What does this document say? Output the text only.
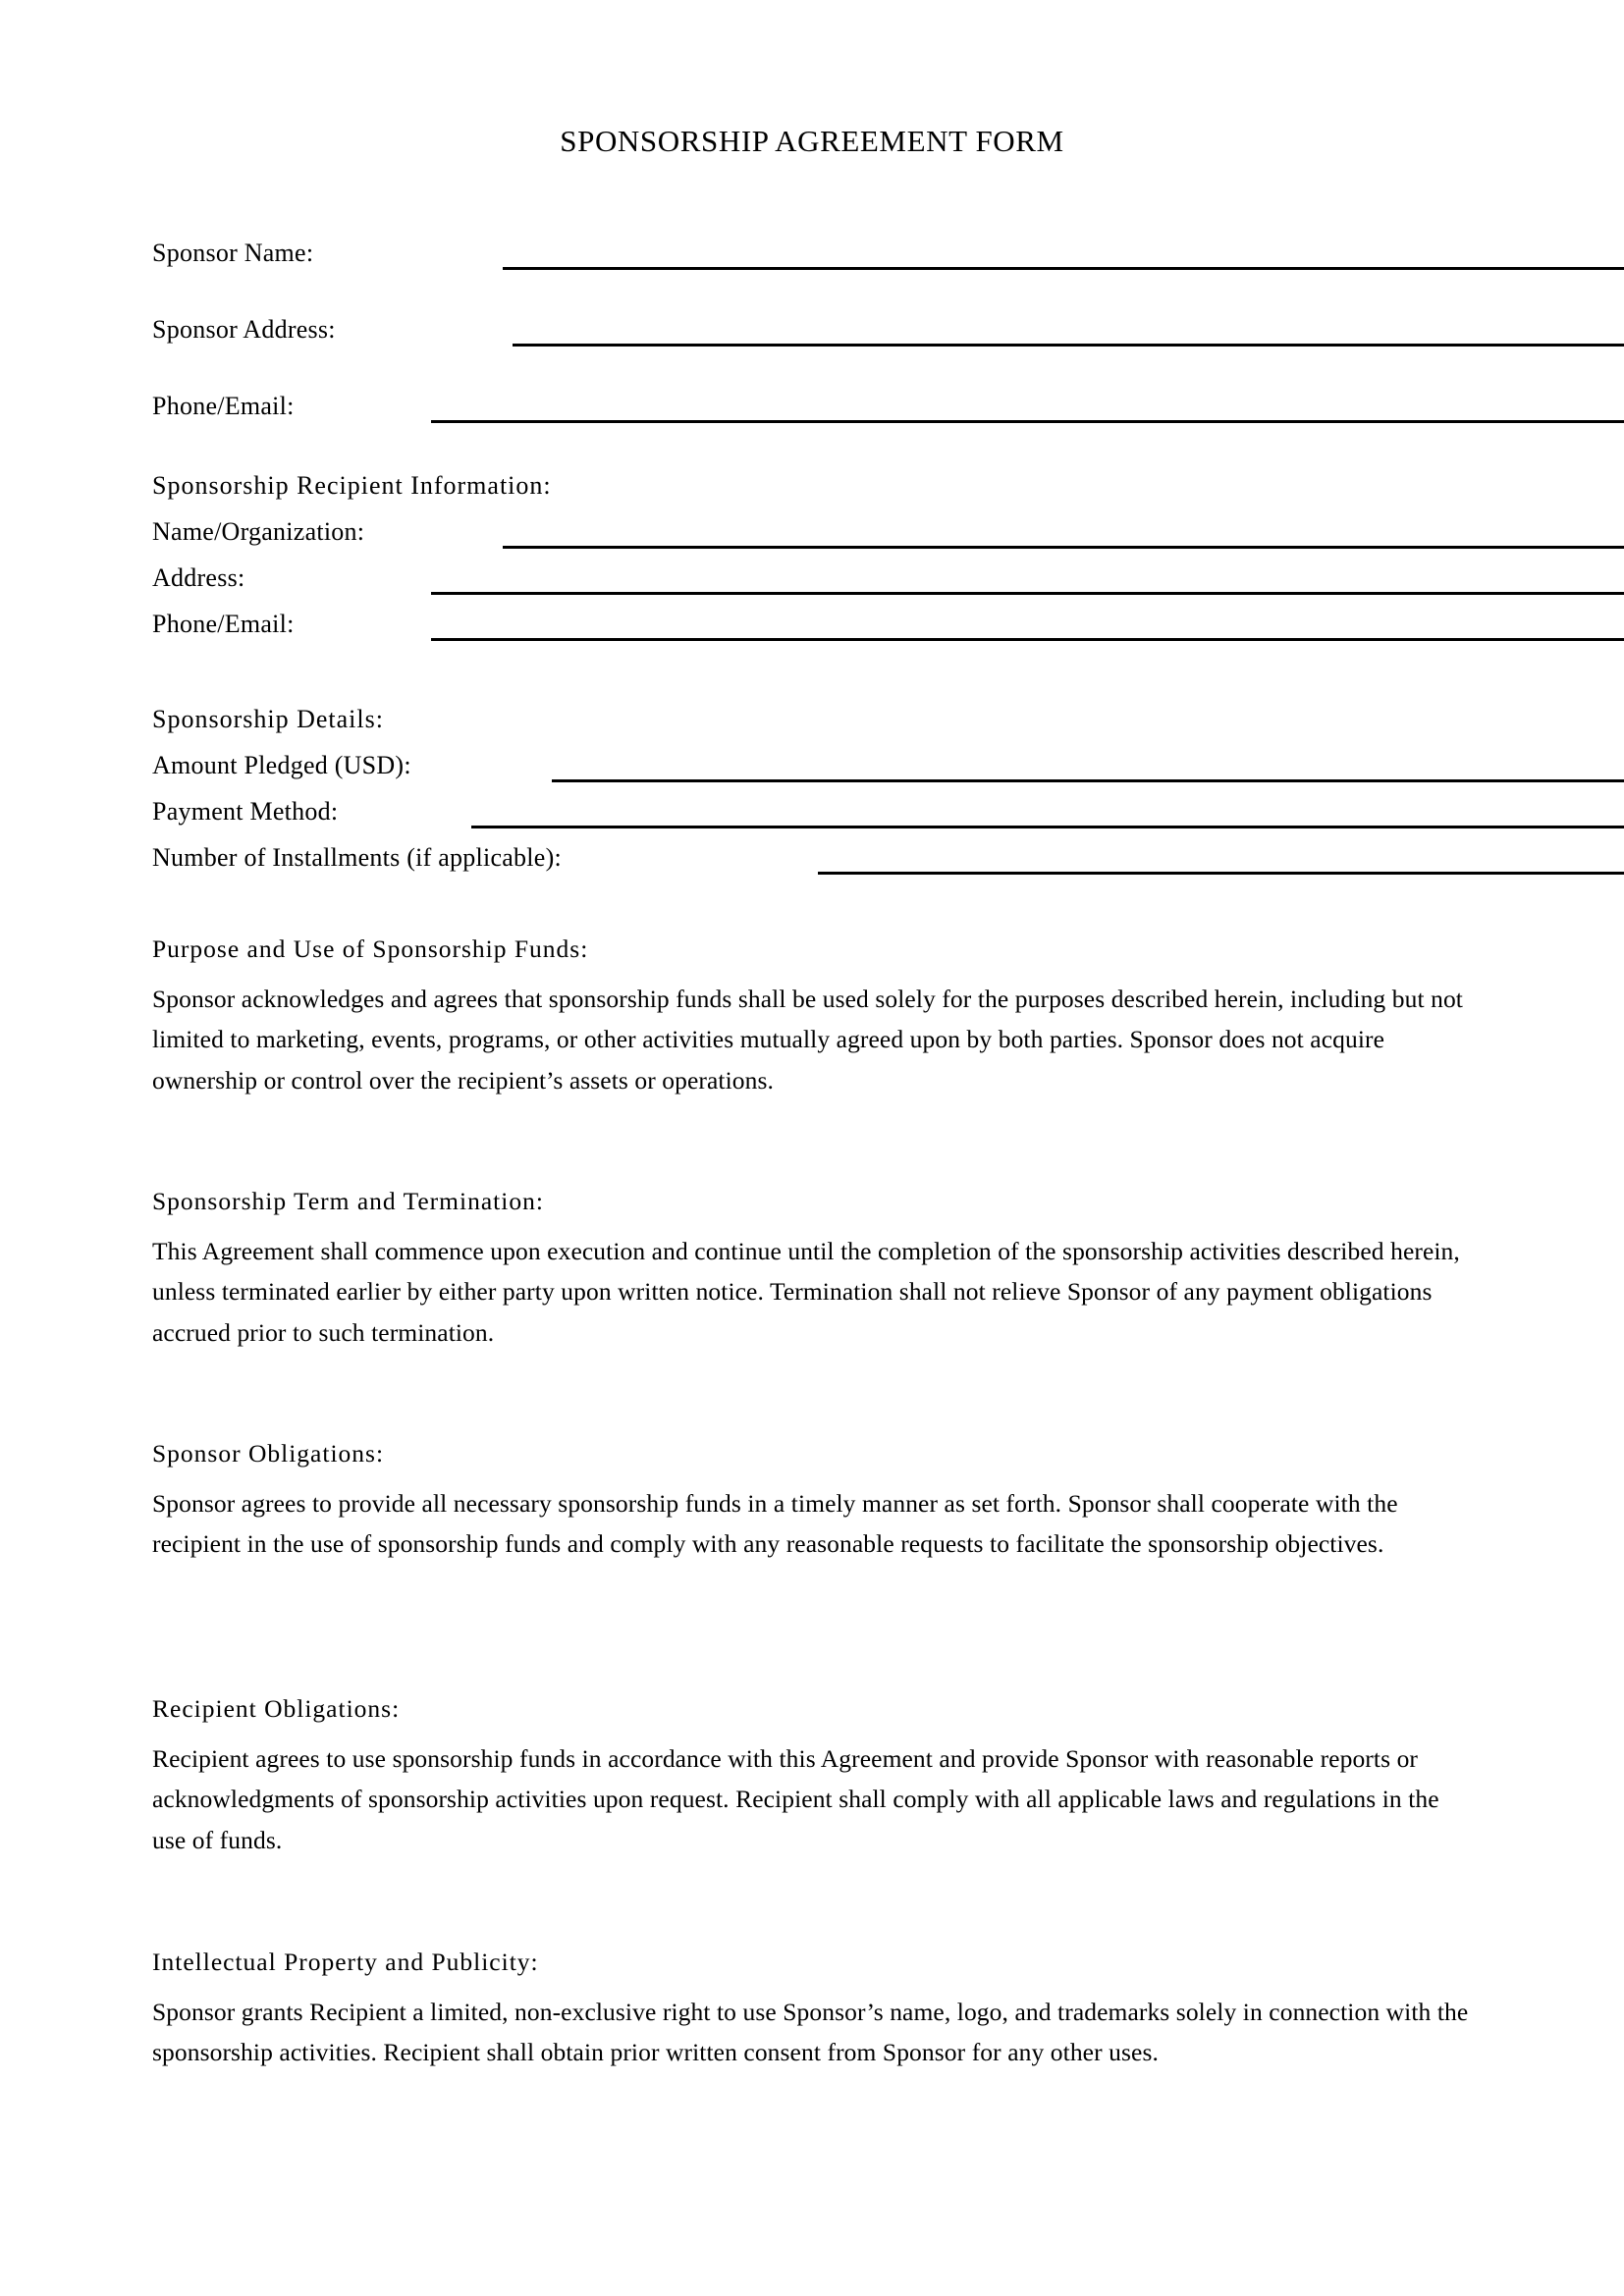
SPONSORSHIP AGREEMENT FORM
Sponsor Name:
Sponsor Address:
Phone/Email:
Sponsorship Recipient Information:
Name/Organization:
Address:
Phone/Email:
Sponsorship Details:
Amount Pledged (USD):
Payment Method:
Number of Installments (if applicable):

Purpose and Use of Sponsorship Funds:

Sponsor acknowledges and agrees that sponsorship funds shall be used solely for the purposes described herein, including but not limited to marketing, events, programs, or other activities mutually agreed upon by both parties. Sponsor does not acquire ownership or control over the recipient’s assets or operations.

Sponsorship Term and Termination:

This Agreement shall commence upon execution and continue until the completion of the sponsorship activities described herein, unless terminated earlier by either party upon written notice. Termination shall not relieve Sponsor of any payment obligations accrued prior to such termination.

Sponsor Obligations:

Sponsor agrees to provide all necessary sponsorship funds in a timely manner as set forth. Sponsor shall cooperate with the recipient in the use of sponsorship funds and comply with any reasonable requests to facilitate the sponsorship objectives.

Recipient Obligations:

Recipient agrees to use sponsorship funds in accordance with this Agreement and provide Sponsor with reasonable reports or acknowledgments of sponsorship activities upon request. Recipient shall comply with all applicable laws and regulations in the use of funds.

Intellectual Property and Publicity:

Sponsor grants Recipient a limited, non-exclusive right to use Sponsor’s name, logo, and trademarks solely in connection with the sponsorship activities. Recipient shall obtain prior written consent from Sponsor for any other uses.
